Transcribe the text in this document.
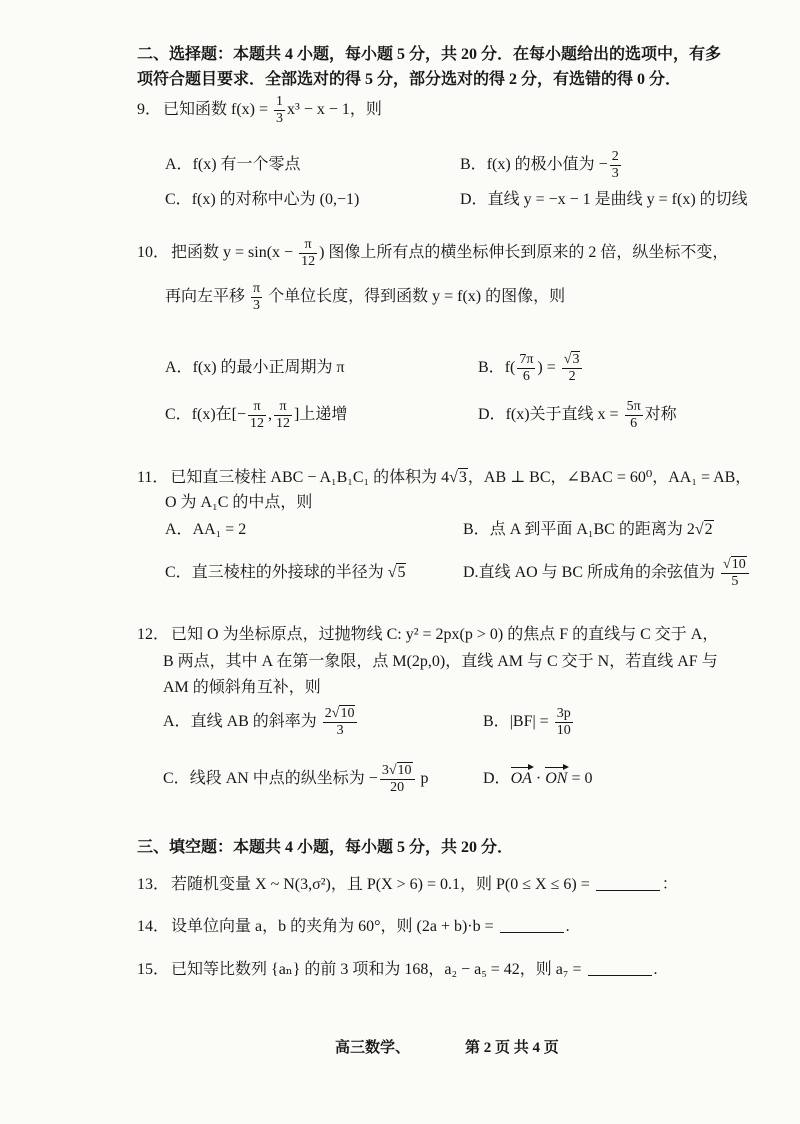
二、选择题：本题共 4 小题，每小题 5 分，共 20 分．在每小题给出的选项中，有多
项符合题目要求．全部选对的得 5 分，部分选对的得 2 分，有选错的得 0 分．
9． 已知函数 $f(x) = \frac{1}{3} x^3 - x - 1$，则
A．f(x) 有一个零点	B．f(x) 的极小值为 − $\frac{2}{3}$
C．f(x) 的对称中心为 (0,−1)	D．直线 y = −x − 1 是曲线 y = f(x) 的切线
10． 把函数 $y = \sin(x - \frac{\pi}{12}$ ) 图像上所有点的横坐标伸长到原来的 2 倍，纵坐标不变，
再向左平移 $\frac{\pi}{3}$ 个单位长度，得到函数 y = f(x) 的图像，则
A．f(x) 的最小正周期为 π	B．$f( \frac{7\pi}{6}$ ) = √ $\frac{3}{2}$
C．f(x)在[− $\frac{\pi}{12}$ , $\frac{\pi}{12}$ ]上递增	D．f(x)关于直线 $x = \frac{5\pi}{6}$ 对称
11． 已知直三棱柱 ABC − A₁B₁C₁ 的体积为 4 √ 3，AB ⊥ BC，∠BAC = 60⁰，AA₁ = AB，
O 为 A₁C 的中点，则
A．AA₁ = 2	B．点 A 到平面 A₁BC 的距离为 2 √ 2
C．直三棱柱的外接球的半径为 √ 5	D.直线 AO 与 BC 所成角的余弦值为 √ $\frac{10}{5}$
12． 已知 O 为坐标原点，过抛物线 C: y² = 2px(p > 0) 的焦点 F 的直线与 C 交于 A，
B 两点，其中 A 在第一象限，点 M(2p,0)，直线 AM 与 C 交于 N，若直线 AF 与
AM 的倾斜角互补，则
A．直线 AB 的斜率为 $\frac{2 √ 10}{3}$	B．$|BF| = \frac{3p}{10}$
C．线段 AN 中点的纵坐标为 − $\frac{3 √ 10}{20}$ p	D．OA · ON = 0
三、填空题：本题共 4 小题，每小题 5 分，共 20 分．
13． 若随机变量 X ~ N(3,σ²)，且 P(X > 6) = 0.1，则 P(0 ≤ X ≤ 6) =	：
14． 设单位向量 a，b 的夹角为 60°，则 (2a + b)·b =	.
15． 已知等比数列 {aₙ} 的前 3 项和为 168，a₂ − a₅ = 42，则 a₇ =	.
高三数学、	第 2 页 共 4 页
